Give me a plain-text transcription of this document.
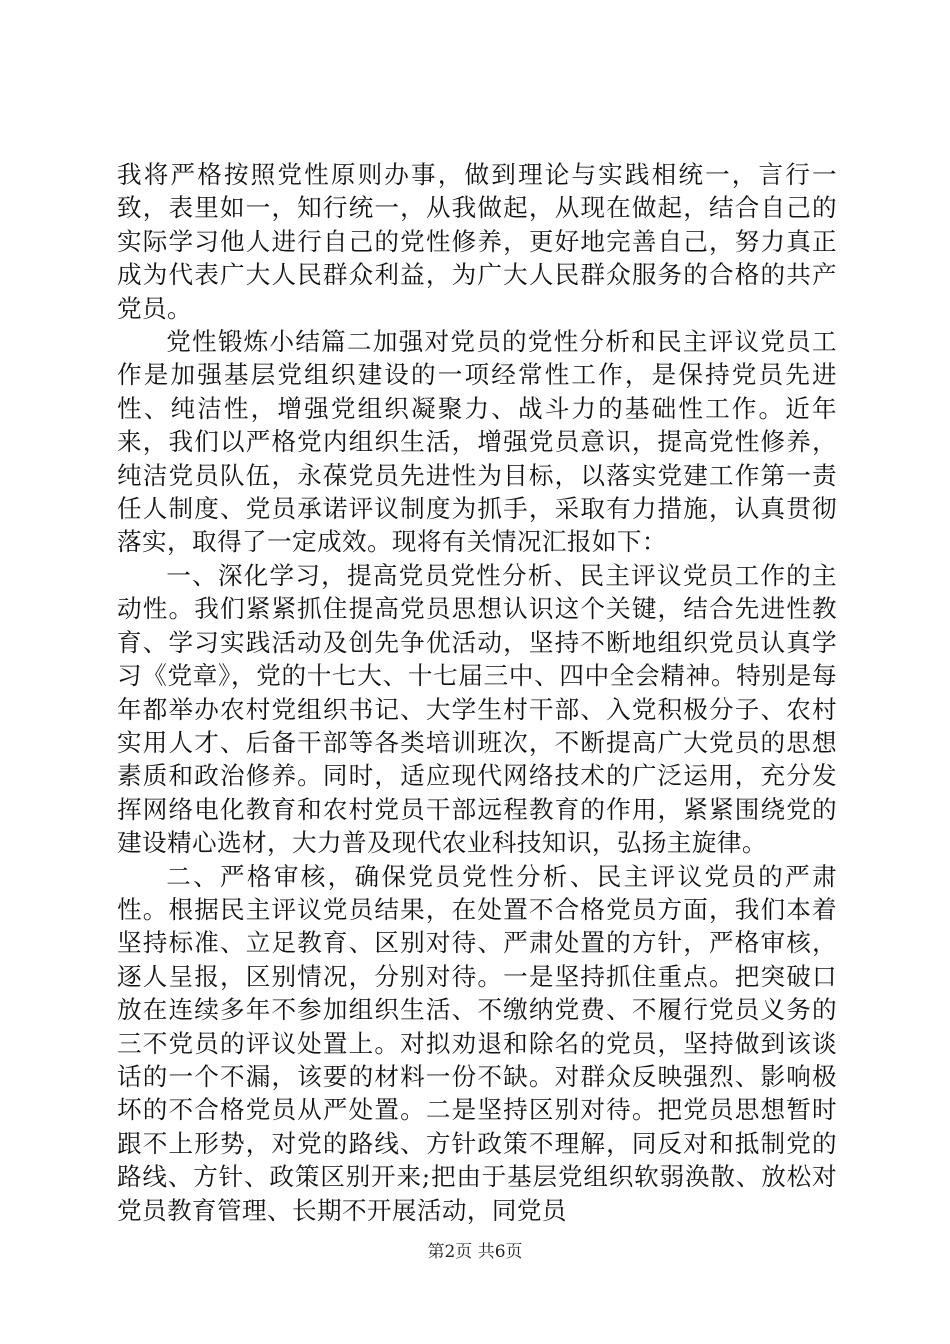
我将严格按照党性原则办事，做到理论与实践相统一，言行一致，表里如一，知行统一，从我做起，从现在做起，结合自己的实际学习他人进行自己的党性修养，更好地完善自己，努力真正成为代表广大人民群众利益，为广大人民群众服务的合格的共产党员。

党性锻炼小结篇二加强对党员的党性分析和民主评议党员工作是加强基层党组织建设的一项经常性工作，是保持党员先进性、纯洁性，增强党组织凝聚力、战斗力的基础性工作。近年来，我们以严格党内组织生活，增强党员意识，提高党性修养，纯洁党员队伍，永葆党员先进性为目标，以落实党建工作第一责任人制度、党员承诺评议制度为抓手，采取有力措施，认真贯彻落实，取得了一定成效。现将有关情况汇报如下：

一、深化学习，提高党员党性分析、民主评议党员工作的主动性。我们紧紧抓住提高党员思想认识这个关键，结合先进性教育、学习实践活动及创先争优活动，坚持不断地组织党员认真学习《党章》，党的十七大、十七届三中、四中全会精神。特别是每年都举办农村党组织书记、大学生村干部、入党积极分子、农村实用人才、后备干部等各类培训班次，不断提高广大党员的思想素质和政治修养。同时，适应现代网络技术的广泛运用，充分发挥网络电化教育和农村党员干部远程教育的作用，紧紧围绕党的建设精心选材，大力普及现代农业科技知识，弘扬主旋律。

二、严格审核，确保党员党性分析、民主评议党员的严肃性。根据民主评议党员结果，在处置不合格党员方面，我们本着坚持标准、立足教育、区别对待、严肃处置的方针，严格审核，逐人呈报，区别情况，分别对待。一是坚持抓住重点。把突破口放在连续多年不参加组织生活、不缴纳党费、不履行党员义务的三不党员的评议处置上。对拟劝退和除名的党员，坚持做到该谈话的一个不漏，该要的材料一份不缺。对群众反映强烈、影响极坏的不合格党员从严处置。二是坚持区别对待。把党员思想暂时跟不上形势，对党的路线、方针政策不理解，同反对和抵制党的路线、方针、政策区别开来;把由于基层党组织软弱涣散、放松对党员教育管理、长期不开展活动，同党员

第2页 共6页
